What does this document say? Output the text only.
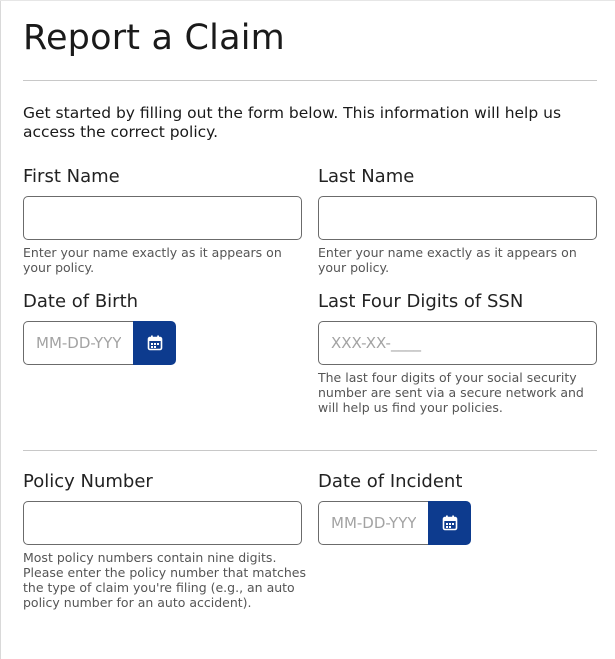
Report a Claim

Get started by filling out the form below. This information will help us access the correct policy.

First Name

Enter your name exactly as it appears on your policy.

Last Name

Enter your name exactly as it appears on your policy.

Date of Birth
MM-DD-YYYY	Last Four Digits of SSN
XXX-XX-____

The last four digits of your social security number are sent via a secure network and will help us find your policies.

Policy Number

Most policy numbers contain nine digits. Please enter the policy number that matches the type of claim you're filing (e.g., an auto policy number for an auto accident).

Date of Incident
MM-DD-YYYY
